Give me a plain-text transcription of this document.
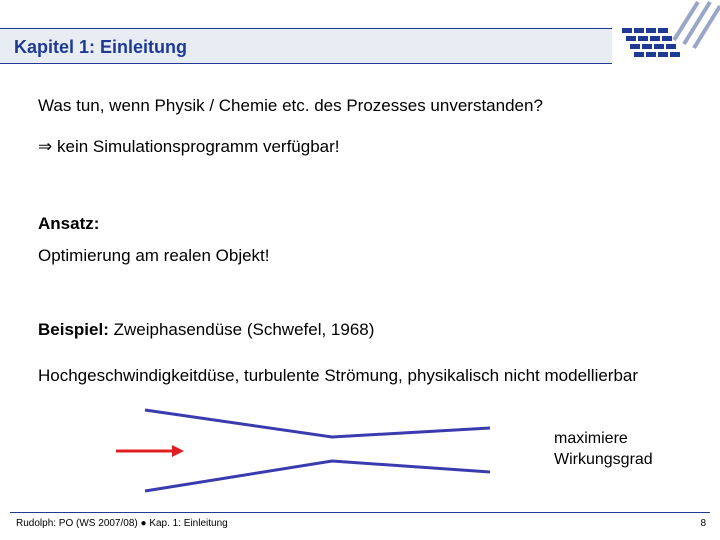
Kapitel 1: Einleitung
Was tun, wenn Physik / Chemie etc. des Prozesses unverstanden?
⇒ kein Simulationsprogramm verfügbar!
Ansatz:
Optimierung am realen Objekt!
Beispiel: Zweiphasendüse (Schwefel, 1968)
Hochgeschwindigkeitdüse, turbulente Strömung, physikalisch nicht modellierbar
maximiere
Wirkungsgrad
Rudolph: PO (WS 2007/08) ● Kap. 1: Einleitung	8
